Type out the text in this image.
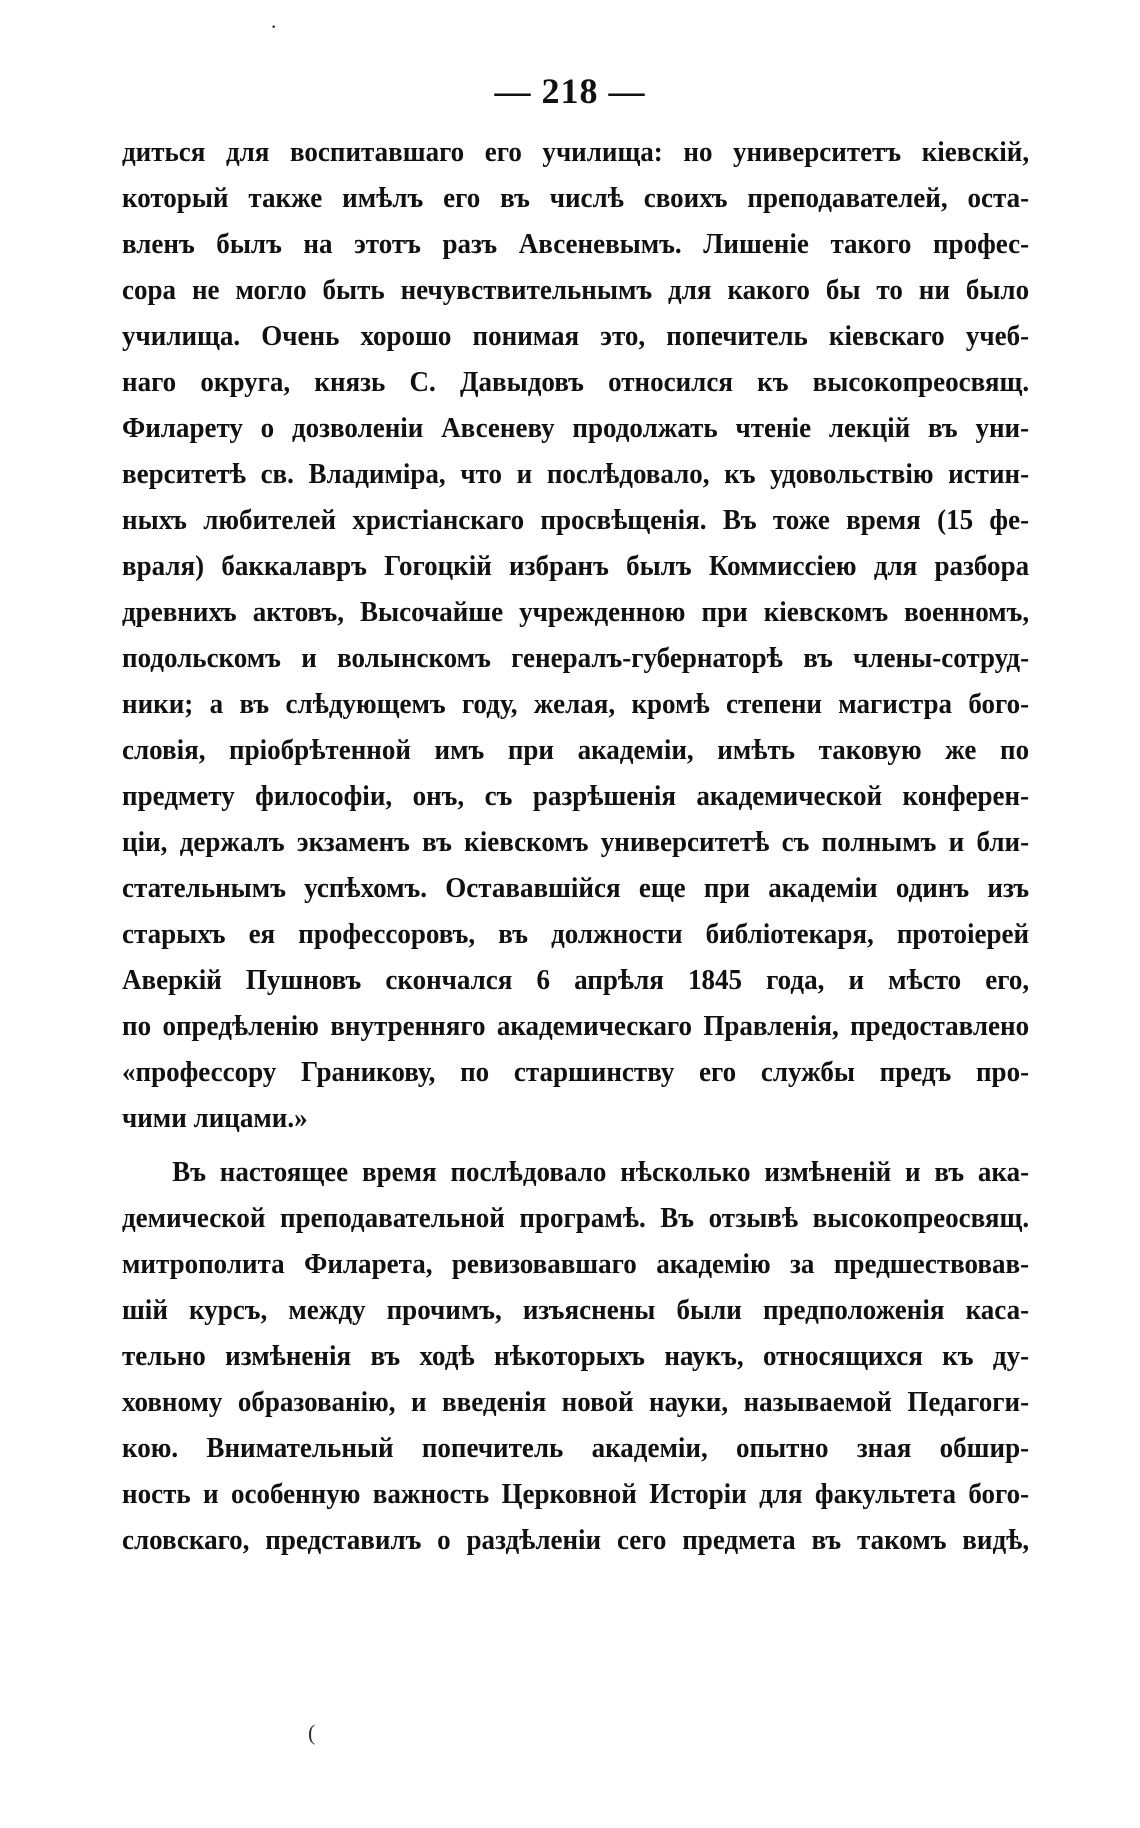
— 218 —
диться для воспитавшаго его училища: но университетъ кіевскій,
который также имѣлъ его въ числѣ своихъ преподавателей, оста-
вленъ былъ на этотъ разъ Авсеневымъ. Лишеніе такого профес-
сора не могло быть нечувствительнымъ для какого бы то ни было
училища. Очень хорошо понимая это, попечитель кіевскаго учеб-
наго округа, князь С. Давыдовъ относился къ высокопреосвящ.
Филарету о дозволеніи Авсеневу продолжать чтеніе лекцій въ уни-
верситетѣ св. Владиміра, что и послѣдовало, къ удовольствію истин-
ныхъ любителей христіанскаго просвѣщенія. Въ тоже время (15 фе-
враля) баккалавръ Гогоцкій избранъ былъ Коммиссіею для разбора
древнихъ актовъ, Высочайше учрежденною при кіевскомъ военномъ,
подольскомъ и волынскомъ генералъ-губернаторѣ въ члены-сотруд-
ники; а въ слѣдующемъ году, желая, кромѣ степени магистра бого-
словія, пріобрѣтенной имъ при академіи, имѣть таковую же по
предмету философіи, онъ, съ разрѣшенія академической конферен-
ціи, держалъ экзаменъ въ кіевскомъ университетѣ съ полнымъ и бли-
стательнымъ успѣхомъ. Остававшійся еще при академіи одинъ изъ
старыхъ ея профессоровъ, въ должности библіотекаря, протоіерей
Аверкій Пушновъ скончался 6 апрѣля 1845 года, и мѣсто его,
по опредѣленію внутренняго академическаго Правленія, предоставлено
«профессору Граникову, по старшинству его службы предъ про-
чими лицами.»
Въ настоящее время послѣдовало нѣсколько измѣненій и въ ака-
демической преподавательной програмѣ. Въ отзывѣ высокопреосвящ.
митрополита Филарета, ревизовавшаго академію за предшествовав-
шій курсъ, между прочимъ, изъяснены были предположенія каса-
тельно измѣненія въ ходѣ нѣкоторыхъ наукъ, относящихся къ ду-
ховному образованію, и введенія новой науки, называемой Педагоги-
кою. Внимательный попечитель академіи, опытно зная обшир-
ность и особенную важность Церковной Исторіи для факультета бого-
словскаго, представилъ о раздѣленіи сего предмета въ такомъ видѣ,
·
(
